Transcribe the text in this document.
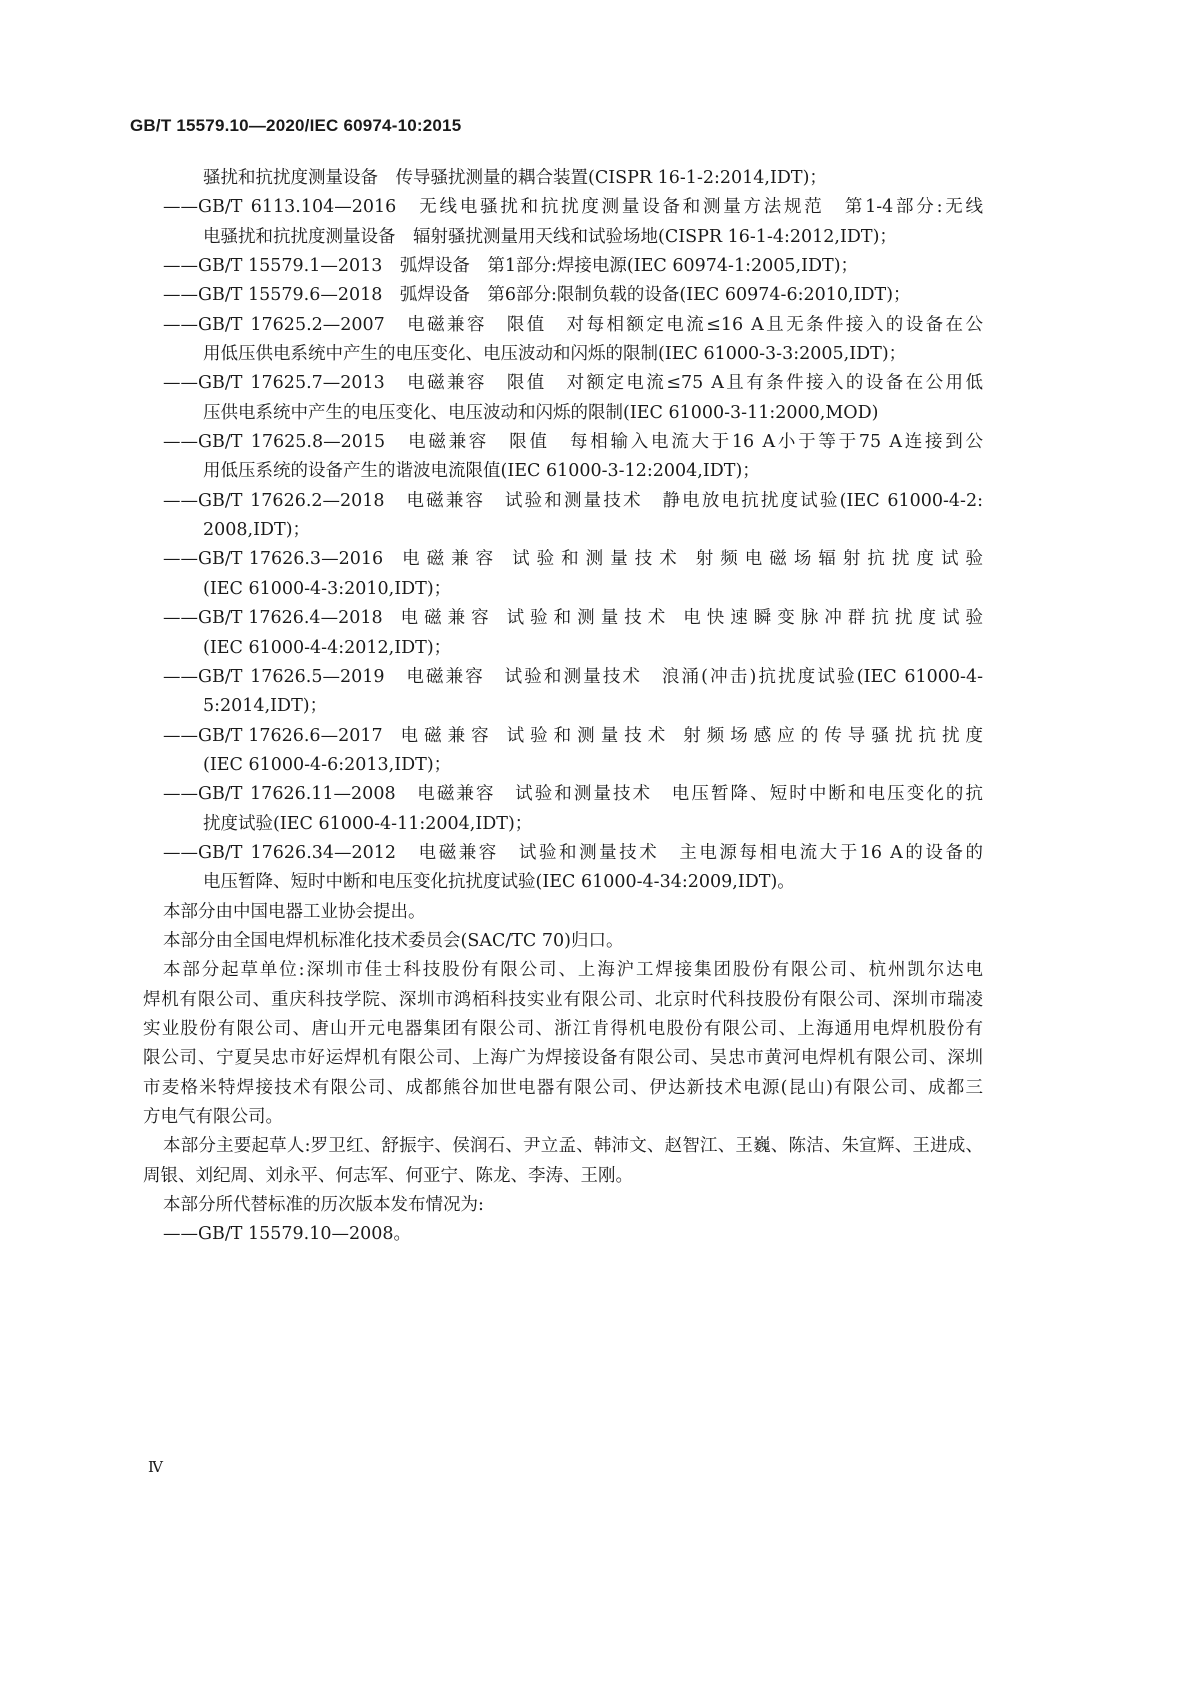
GB/T 15579.10—2020/IEC 60974-10:2015
骚扰和抗扰度测量设备　传导骚扰测量的耦合装置(CISPR 16-1-2:2014,IDT)；
——GB/T 6113.104—2016　无线电骚扰和抗扰度测量设备和测量方法规范　第1-4部分:无线
电骚扰和抗扰度测量设备　辐射骚扰测量用天线和试验场地(CISPR 16-1-4:2012,IDT)；
——GB/T 15579.1—2013　弧焊设备　第1部分:焊接电源(IEC 60974-1:2005,IDT)；
——GB/T 15579.6—2018　弧焊设备　第6部分:限制负载的设备(IEC 60974-6:2010,IDT)；
——GB/T 17625.2—2007　电磁兼容　限值　对每相额定电流≤16 A且无条件接入的设备在公
用低压供电系统中产生的电压变化、电压波动和闪烁的限制(IEC 61000-3-3:2005,IDT)；
——GB/T 17625.7—2013　电磁兼容　限值　对额定电流≤75 A且有条件接入的设备在公用低
压供电系统中产生的电压变化、电压波动和闪烁的限制(IEC 61000-3-11:2000,MOD)
——GB/T 17625.8—2015　电磁兼容　限值　每相输入电流大于16 A小于等于75 A连接到公
用低压系统的设备产生的谐波电流限值(IEC 61000-3-12:2004,IDT)；
——GB/T 17626.2—2018　电磁兼容　试验和测量技术　静电放电抗扰度试验(IEC 61000-4-2:
2008,IDT)；
——GB/T 17626.3—2016　电 磁 兼 容　试 验 和 测 量 技 术　射 频 电 磁 场 辐 射 抗 扰 度 试 验
(IEC 61000-4-3:2010,IDT)；
——GB/T 17626.4—2018　电 磁 兼 容　试 验 和 测 量 技 术　电 快 速 瞬 变 脉 冲 群 抗 扰 度 试 验
(IEC 61000-4-4:2012,IDT)；
——GB/T 17626.5—2019　电磁兼容　试验和测量技术　浪涌(冲击)抗扰度试验(IEC 61000-4-
5:2014,IDT)；
——GB/T 17626.6—2017　电 磁 兼 容　试 验 和 测 量 技 术　射 频 场 感 应 的 传 导 骚 扰 抗 扰 度
(IEC 61000-4-6:2013,IDT)；
——GB/T 17626.11—2008　电磁兼容　试验和测量技术　电压暂降、短时中断和电压变化的抗
扰度试验(IEC 61000-4-11:2004,IDT)；
——GB/T 17626.34—2012　电磁兼容　试验和测量技术　主电源每相电流大于16 A的设备的
电压暂降、短时中断和电压变化抗扰度试验(IEC 61000-4-34:2009,IDT)。
本部分由中国电器工业协会提出。
本部分由全国电焊机标准化技术委员会(SAC/TC 70)归口。
本部分起草单位:深圳市佳士科技股份有限公司、上海沪工焊接集团股份有限公司、杭州凯尔达电
焊机有限公司、重庆科技学院、深圳市鸿栢科技实业有限公司、北京时代科技股份有限公司、深圳市瑞凌
实业股份有限公司、唐山开元电器集团有限公司、浙江肯得机电股份有限公司、上海通用电焊机股份有
限公司、宁夏吴忠市好运焊机有限公司、上海广为焊接设备有限公司、吴忠市黄河电焊机有限公司、深圳
市麦格米特焊接技术有限公司、成都熊谷加世电器有限公司、伊达新技术电源(昆山)有限公司、成都三
方电气有限公司。
本部分主要起草人:罗卫红、舒振宇、侯润石、尹立孟、韩沛文、赵智江、王巍、陈洁、朱宣辉、王进成、
周银、刘纪周、刘永平、何志军、何亚宁、陈龙、李涛、王刚。
本部分所代替标准的历次版本发布情况为:
——GB/T 15579.10—2008。
Ⅳ
